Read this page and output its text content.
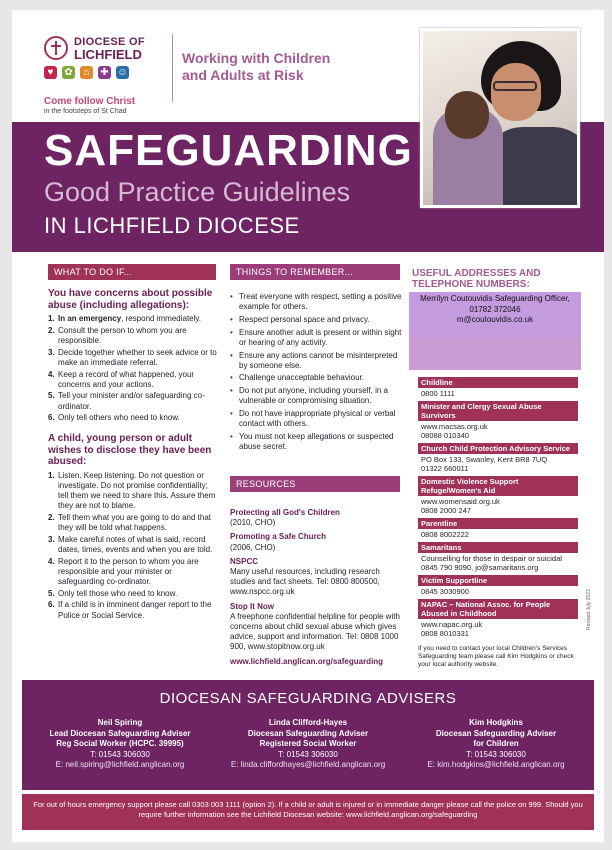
DIOCESE OF
LICHFIELD
♥	✿	⌂	✚ ☺
Come follow Christ
in the footsteps of St Chad
Working with Children
and Adults at Risk
SAFEGUARDING
Good Practice Guidelines
IN LICHFIELD DIOCESE
WHAT TO DO IF...	THINGS TO REMEMBER...
RESOURCES
You have concerns about possible abuse (including allegations):
1. In an emergency, respond immediately.
2. Consult the person to whom you are responsible.
3. Decide together whether to seek advice or to make an immediate referral.
4. Keep a record of what happened, your concerns and your actions.
5. Tell your minister and/or safeguarding co-ordinator.
6. Only tell others who need to know.
A child, young person or adult wishes to disclose they have been abused:
1. Listen. Keep listening. Do not question or investigate. Do not promise confidentiality; tell them we need to share this. Assure them they are not to blame.
2. Tell them what you are going to do and that they will be told what happens.
3. Make careful notes of what is said, record dates, times, events and when you are told.
4. Report it to the person to whom you are responsible and your minister or safeguarding co-ordinator.
5. Only tell those who need to know.
6. If a child is in imminent danger report to the Police or Social Service.
• Treat everyone with respect, setting a positive example for others.
• Respect personal space and privacy.
• Ensure another adult is present or within sight or hearing of any activity.
• Ensure any actions cannot be misinterpreted by someone else.
• Challenge unacceptable behaviour.
• Do not put anyone, including yourself, in a vulnerable or compromising situation.
• Do not have inappropriate physical or verbal contact with others.
• You must not keep allegations or suspected abuse secret.
Protecting all God's Children
(2010, CHO)
Promoting a Safe Church
(2006, CHO)
NSPCC
Many useful resources, including research studies and fact sheets. Tel: 0800 800500, www.nspcc.org.uk
Stop It Now
A freephone confidential helpline for people with concerns about child sexual abuse which gives advice, support and information. Tel: 0808 1000 900, www.stopitnow.org.uk
www.lichfield.anglican.org/safeguarding
USEFUL ADDRESSES AND TELEPHONE NUMBERS:
Merrilyn Coutouvidis Safeguarding Officer,
01782 372046
m@coutouvidis.co.uk
Childline
0800 1111
Minister and Clergy Sexual Abuse Survivors
www.macsas.org.uk
08088 010340
Church Child Protection Advisory Service
PO Box 133, Swanley, Kent BR8 7UQ
01322 660011
Domestic Violence Support Refuge/Women's Aid
www.womensaid.org.uk
0808 2000 247
Parentline
0808 8002222
Samaritans
Counselling for those in despair or suicidal
0845 790 9090, jo@samaritans.org
Victim Supportline
0845 3030900
NAPAC – National Assoc. for People Abused in Childhood
www.napac.org.uk
0808 8010331
If you need to contact your local Children's Services Safeguarding team please call Kim Hodgkins or check your local authority website.
Revised July 2023
DIOCESAN SAFEGUARDING ADVISERS
Neil Spiring
Lead Diocesan Safeguarding Adviser
Reg Social Worker (HCPC. 39995)
T: 01543 306030
E: neil.spiring@lichfield.anglican.org
Linda Clifford-Hayes
Diocesan Safeguarding Adviser
Registered Social Worker
T: 01543 306030
E: linda.cliffordhayes@lichfield.anglican.org
Kim Hodgkins
Diocesan Safeguarding Adviser
for Children
T: 01543 306030
E: kim.hodgkins@lichfield.anglican.org
For out of hours emergency support please call 0303 003 1111 (option 2). If a child or adult is injured or in immediate danger please call the police on 999. Should you require further information see the Lichfield Diocesan website: www.lichfield.anglican.org/safeguarding
